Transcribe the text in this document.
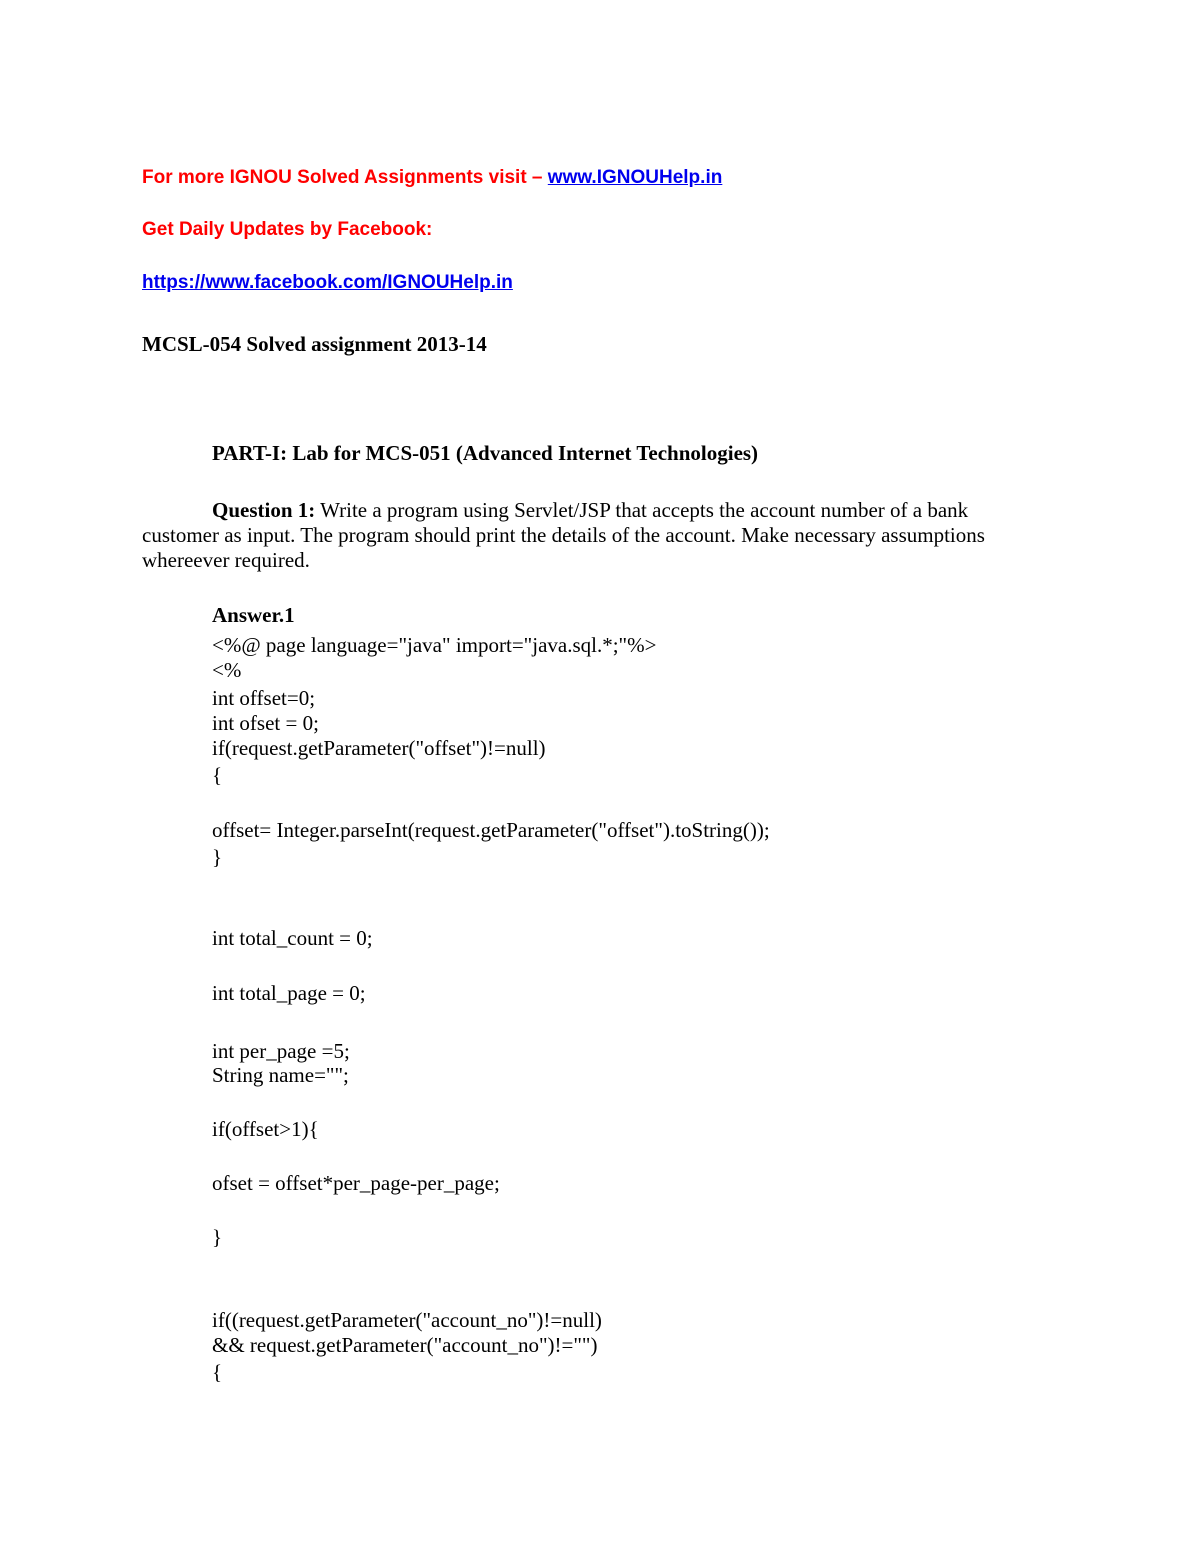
For more IGNOU Solved Assignments visit – www.IGNOUHelp.in
Get Daily Updates by Facebook:
https://www.facebook.com/IGNOUHelp.in
MCSL-054 Solved assignment 2013-14
PART-I: Lab for MCS-051 (Advanced Internet Technologies)
Question 1: Write a program using Servlet/JSP that accepts the account number of a bank customer as input. The program should print the details of the account. Make necessary assumptions whereever required.
Answer.1
<%@ page language="java" import="java.sql.*;"%>
<%
int offset=0;
int ofset = 0;
if(request.getParameter("offset")!=null)
{
offset= Integer.parseInt(request.getParameter("offset").toString());
}
int total_count = 0;
int total_page = 0;
int per_page =5;
String name="";
if(offset>1){
ofset = offset*per_page-per_page;
}
if((request.getParameter("account_no")!=null)
&& request.getParameter("account_no")!="")
{
